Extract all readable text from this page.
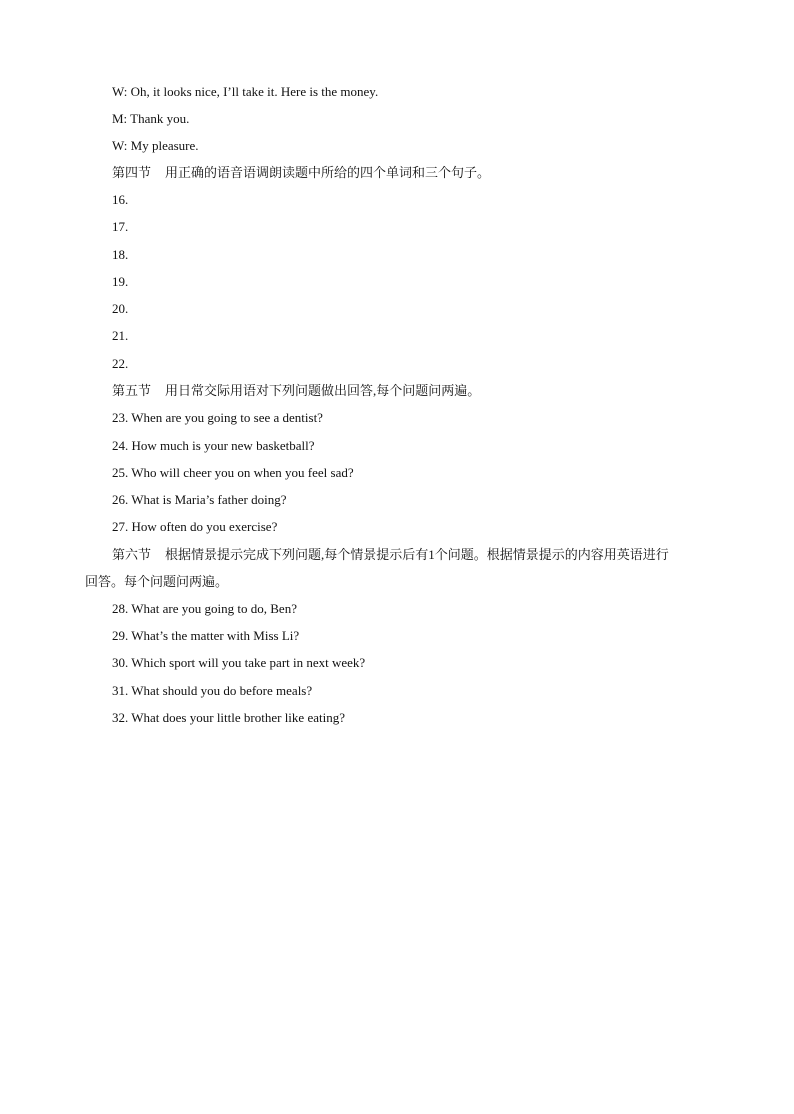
W: Oh, it looks nice, I’ll take it. Here is the money.
M: Thank you.
W: My pleasure.
第四节 用正确的语音语调朗读题中所给的四个单词和三个句子。
16.
17.
18.
19.
20.
21.
22.
第五节 用日常交际用语对下列问题做出回答,每个问题问两遍。
23. When are you going to see a dentist?
24. How much is your new basketball?
25. Who will cheer you on when you feel sad?
26. What is Maria’s father doing?
27. How often do you exercise?
第六节 根据情景提示完成下列问题,每个情景提示后有1个问题。根据情景提示的内容用英语进行
回答。每个问题问两遍。
28. What are you going to do, Ben?
29. What’s the matter with Miss Li?
30. Which sport will you take part in next week?
31. What should you do before meals?
32. What does your little brother like eating?
